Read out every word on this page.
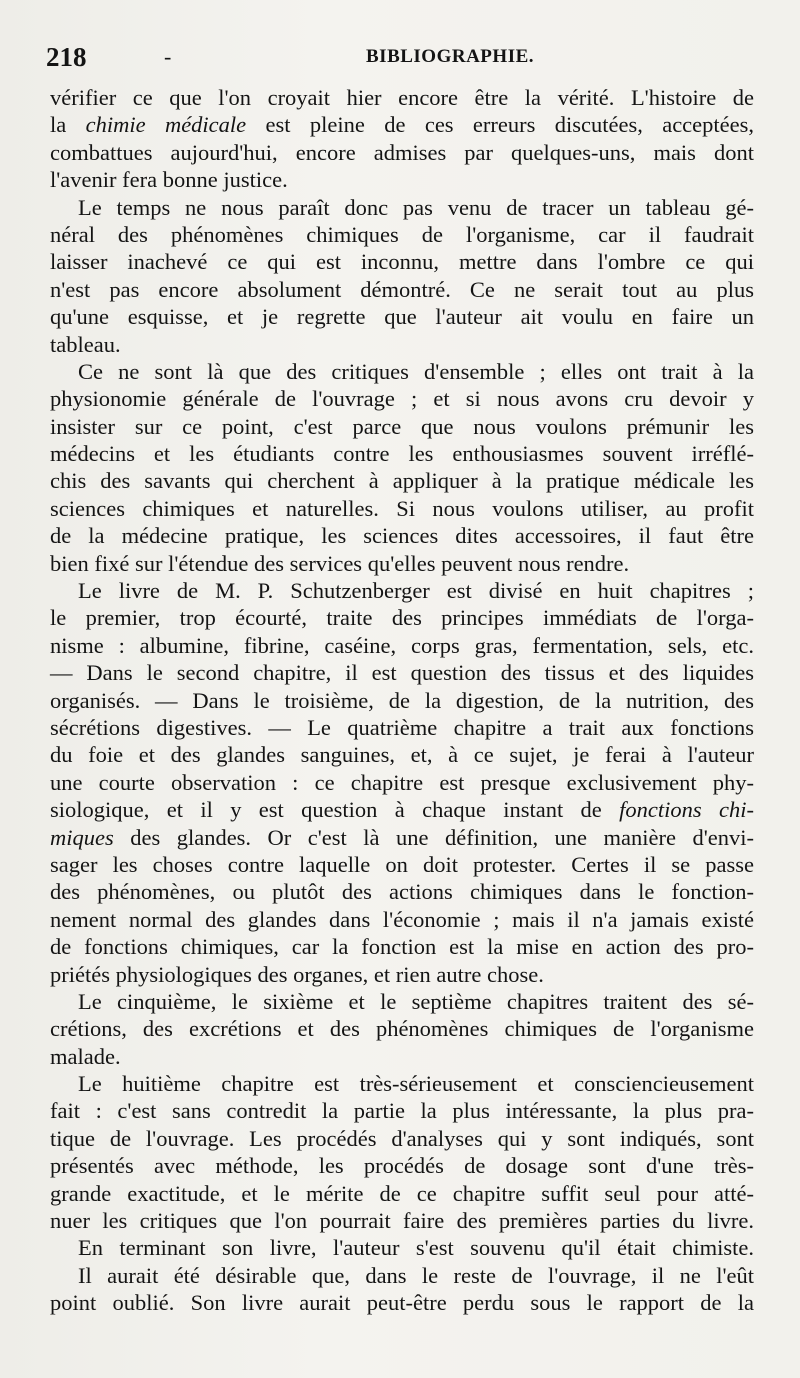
218	-	BIBLIOGRAPHIE.
vérifier ce que l'on croyait hier encore être la vérité. L'histoire de
la chimie médicale est pleine de ces erreurs discutées, acceptées,
combattues aujourd'hui, encore admises par quelques-uns, mais dont
l'avenir fera bonne justice.
Le temps ne nous paraît donc pas venu de tracer un tableau gé-
néral des phénomènes chimiques de l'organisme, car il faudrait
laisser inachevé ce qui est inconnu, mettre dans l'ombre ce qui
n'est pas encore absolument démontré. Ce ne serait tout au plus
qu'une esquisse, et je regrette que l'auteur ait voulu en faire un
tableau.
Ce ne sont là que des critiques d'ensemble ; elles ont trait à la
physionomie générale de l'ouvrage ; et si nous avons cru devoir y
insister sur ce point, c'est parce que nous voulons prémunir les
médecins et les étudiants contre les enthousiasmes souvent irréflé-
chis des savants qui cherchent à appliquer à la pratique médicale les
sciences chimiques et naturelles. Si nous voulons utiliser, au profit
de la médecine pratique, les sciences dites accessoires, il faut être
bien fixé sur l'étendue des services qu'elles peuvent nous rendre.
Le livre de M. P. Schutzenberger est divisé en huit chapitres ;
le premier, trop écourté, traite des principes immédiats de l'orga-
nisme : albumine, fibrine, caséine, corps gras, fermentation, sels, etc.
— Dans le second chapitre, il est question des tissus et des liquides
organisés. — Dans le troisième, de la digestion, de la nutrition, des
sécrétions digestives. — Le quatrième chapitre a trait aux fonctions
du foie et des glandes sanguines, et, à ce sujet, je ferai à l'auteur
une courte observation : ce chapitre est presque exclusivement phy-
siologique, et il y est question à chaque instant de fonctions chi-
miques des glandes. Or c'est là une définition, une manière d'envi-
sager les choses contre laquelle on doit protester. Certes il se passe
des phénomènes, ou plutôt des actions chimiques dans le fonction-
nement normal des glandes dans l'économie ; mais il n'a jamais existé
de fonctions chimiques, car la fonction est la mise en action des pro-
priétés physiologiques des organes, et rien autre chose.
Le cinquième, le sixième et le septième chapitres traitent des sé-
crétions, des excrétions et des phénomènes chimiques de l'organisme
malade.
Le huitième chapitre est très-sérieusement et consciencieusement
fait : c'est sans contredit la partie la plus intéressante, la plus pra-
tique de l'ouvrage. Les procédés d'analyses qui y sont indiqués, sont
présentés avec méthode, les procédés de dosage sont d'une très-
grande exactitude, et le mérite de ce chapitre suffit seul pour atté-
nuer les critiques que l'on pourrait faire des premières parties du livre.
En terminant son livre, l'auteur s'est souvenu qu'il était chimiste.
Il aurait été désirable que, dans le reste de l'ouvrage, il ne l'eût
point oublié. Son livre aurait peut-être perdu sous le rapport de la
